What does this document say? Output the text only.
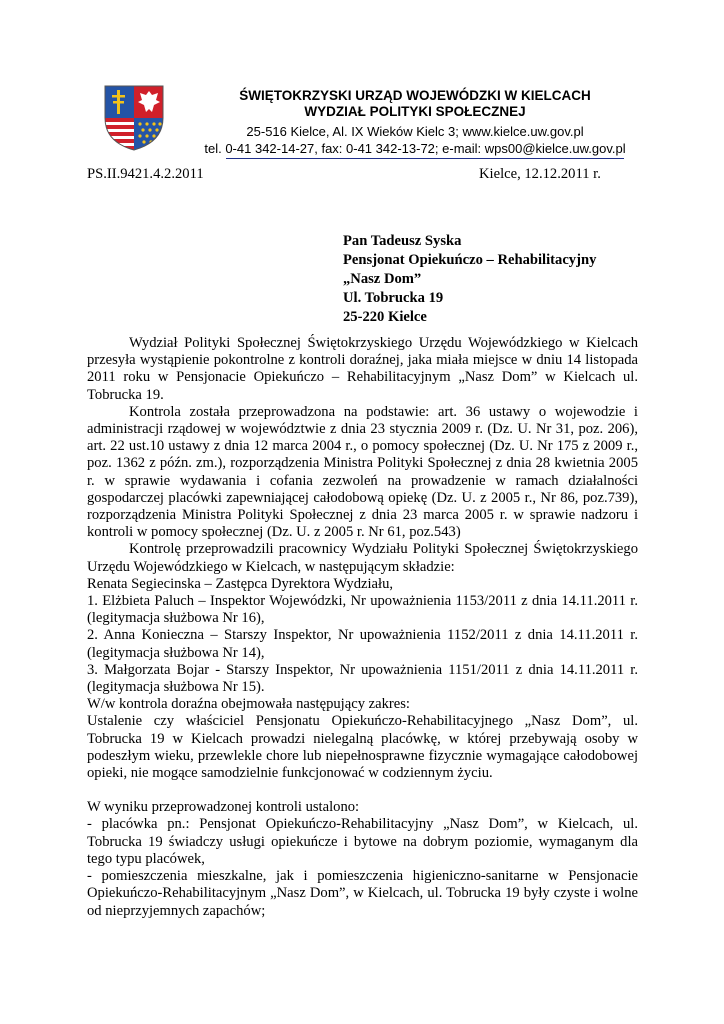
ŚWIĘTOKRZYSKI URZĄD WOJEWÓDZKI W KIELCACH
WYDZIAŁ POLITYKI SPOŁECZNEJ
25-516 Kielce, Al. IX Wieków Kielc 3; www.kielce.uw.gov.pl
tel. 0-41 342-14-27, fax: 0-41 342-13-72; e-mail: wps00@kielce.uw.gov.pl
PS.II.9421.4.2.2011	Kielce, 12.12.2011 r.
Pan Tadeusz Syska
Pensjonat Opiekuńczo – Rehabilitacyjny
„Nasz Dom”
Ul. Tobrucka 19
25-220 Kielce

Wydział Polityki Społecznej Świętokrzyskiego Urzędu Wojewódzkiego w Kielcach przesyła wystąpienie pokontrolne z kontroli doraźnej, jaka miała miejsce w dniu 14 listopada 2011 roku w Pensjonacie Opiekuńczo – Rehabilitacyjnym „Nasz Dom” w Kielcach ul. Tobrucka 19.

Kontrola została przeprowadzona na podstawie: art. 36 ustawy o wojewodzie i administracji rządowej w województwie z dnia 23 stycznia 2009 r. (Dz. U. Nr 31, poz. 206), art. 22 ust.10 ustawy z dnia 12 marca 2004 r., o pomocy społecznej (Dz. U. Nr 175 z 2009 r., poz. 1362 z późn. zm.), rozporządzenia Ministra Polityki Społecznej z dnia 28 kwietnia 2005 r. w sprawie wydawania i cofania zezwoleń na prowadzenie w ramach działalności gospodarczej placówki zapewniającej całodobową opiekę (Dz. U. z 2005 r., Nr 86, poz.739), rozporządzenia Ministra Polityki Społecznej z dnia 23 marca 2005 r. w sprawie nadzoru i kontroli w pomocy społecznej (Dz. U. z 2005 r. Nr 61, poz.543)

Kontrolę przeprowadzili pracownicy Wydziału Polityki Społecznej Świętokrzyskiego Urzędu Wojewódzkiego w Kielcach, w następującym składzie:

Renata Segiecinska – Zastępca Dyrektora Wydziału,

1. Elżbieta Paluch – Inspektor Wojewódzki, Nr upoważnienia 1153/2011 z dnia 14.11.2011 r. (legitymacja służbowa Nr 16),

2. Anna Konieczna – Starszy Inspektor, Nr upoważnienia 1152/2011 z dnia 14.11.2011 r. (legitymacja służbowa Nr 14),

3. Małgorzata Bojar - Starszy Inspektor, Nr upoważnienia 1151/2011 z dnia 14.11.2011 r. (legitymacja służbowa Nr 15).

W/w kontrola doraźna obejmowała następujący zakres:

Ustalenie czy właściciel Pensjonatu Opiekuńczo-Rehabilitacyjnego „Nasz Dom”, ul. Tobrucka 19 w Kielcach prowadzi nielegalną placówkę, w której przebywają osoby w podeszłym wieku, przewlekle chore lub niepełnosprawne fizycznie wymagające całodobowej opieki, nie mogące samodzielnie funkcjonować w codziennym życiu.

W wyniku przeprowadzonej kontroli ustalono:

- placówka pn.: Pensjonat Opiekuńczo-Rehabilitacyjny „Nasz Dom”, w Kielcach, ul. Tobrucka 19 świadczy usługi opiekuńcze i bytowe na dobrym poziomie, wymaganym dla tego typu placówek,

- pomieszczenia mieszkalne, jak i pomieszczenia higieniczno-sanitarne w Pensjonacie Opiekuńczo-Rehabilitacyjnym „Nasz Dom”, w Kielcach, ul. Tobrucka 19 były czyste i wolne od nieprzyjemnych zapachów;
